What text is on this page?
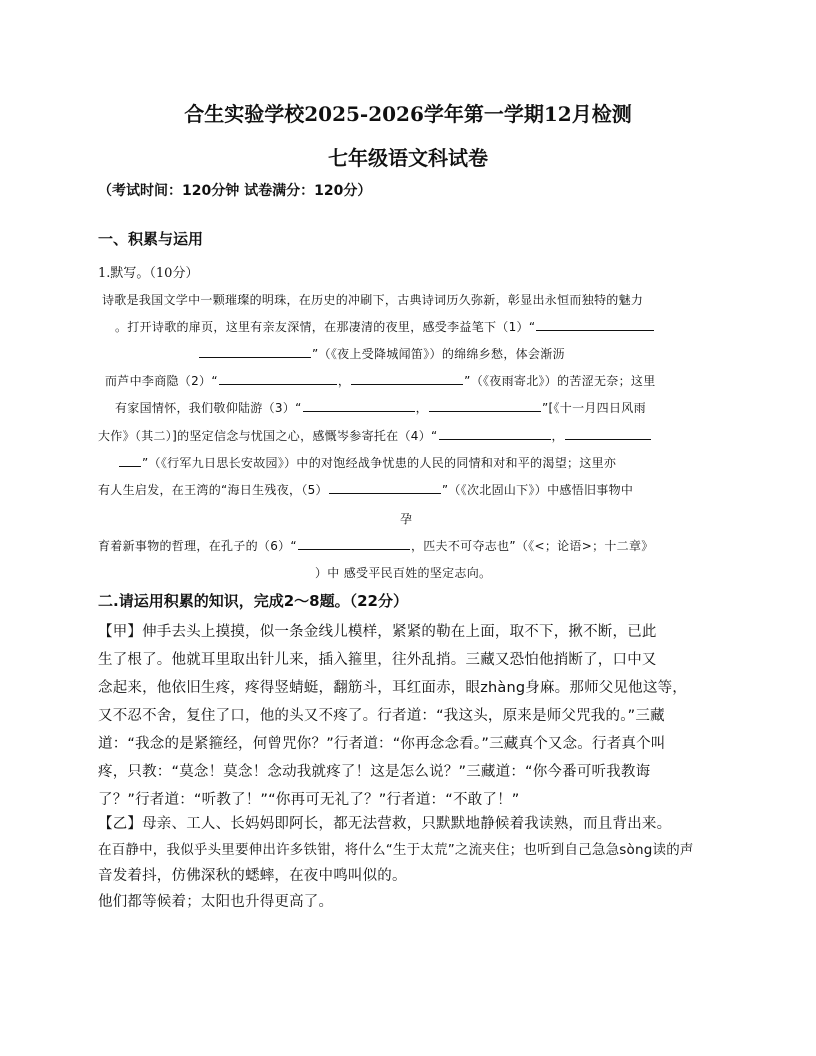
合生实验学校2025-2026学年第一学期12月检测
七年级语文科试卷
（考试时间：120分钟 试卷满分：120分）
一、积累与运用
1.默写。（10分）
诗歌是我国文学中一颗璀璨的明珠，在历史的冲刷下，古典诗词历久弥新，彰显出永恒而独特的魅力
。打开诗歌的扉页，这里有亲友深情，在那凄清的夜里，感受李益笔下（1）“
”（《夜上受降城闻笛》）的绵绵乡愁，体会渐沥
而芦中李商隐（2）“	，	”（《夜雨寄北》）的苦涩无奈；这里
有家国情怀，我们敬仰陆游（3）“	，	”[《十一月四日风雨
大作》（其二）]的坚定信念与忧国之心，感慨岑参寄托在（4）“	，
”（《行军九日思长安故园》）中的对饱经战争忧患的人民的同情和对和平的渴望；这里亦
有人生启发，在王湾的“海日生残夜，（5）	”（《次北固山下》）中感悟旧事物中
孕
育着新事物的哲理，在孔子的（6）“	，匹夫不可夺志也”（《<；论语>；十二章》
）中 感受平民百姓的坚定志向。
二.请运用积累的知识，完成2～8题。（22分）
【甲】伸手去头上摸摸，似一条金线儿模样，紧紧的勒在上面，取不下，揪不断，已此
生了根了。他就耳里取出针儿来，插入箍里，往外乱捎。三藏又恐怕他捎断了，口中又
念起来，他依旧生疼，疼得竖蜻蜓，翻筋斗，耳红面赤，眼zhàng身麻。那师父见他这等，
又不忍不舍，复住了口，他的头又不疼了。行者道：“我这头，原来是师父咒我的。”三藏
道：“我念的是紧箍经，何曾咒你？”行者道：“你再念念看。”三藏真个又念。行者真个叫
疼，只教：“莫念！莫念！念动我就疼了！这是怎么说？”三藏道：“你今番可听我教诲
了？”行者道：“听教了！”“你再可无礼了？”行者道：“不敢了！”
【乙】母亲、工人、长妈妈即阿长，都无法营救，只默默地静候着我读熟，而且背出来。
在百静中，我似乎头里要伸出许多铁钳，将什么“生于太荒”之流夹住；也听到自己急急sòng读的声
音发着抖，仿佛深秋的蟋蟀，在夜中鸣叫似的。
他们都等候着；太阳也升得更高了。
